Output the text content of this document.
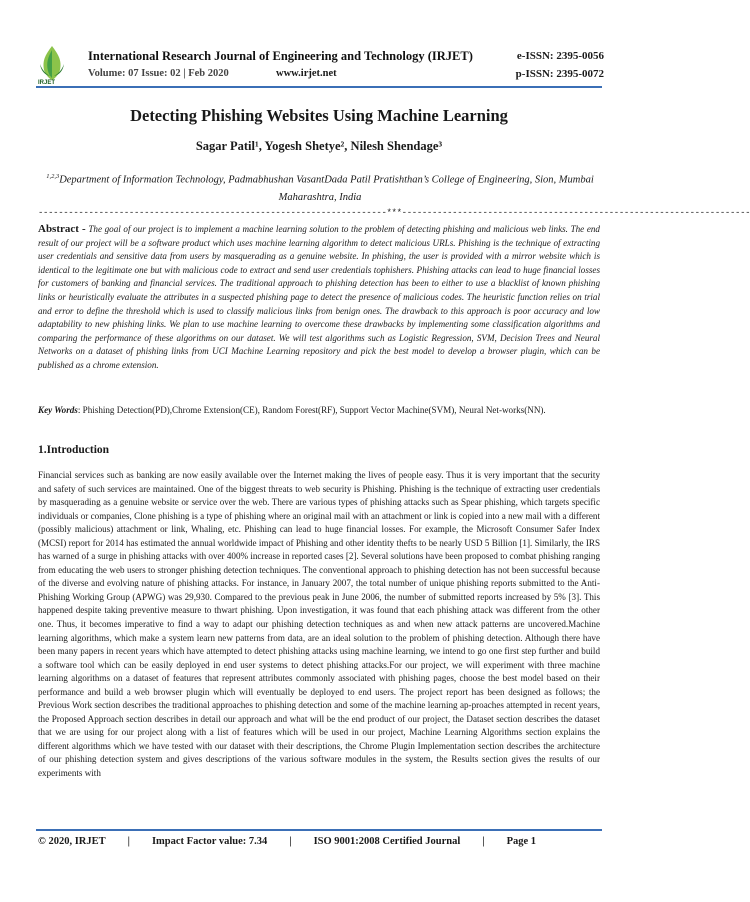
IRJET
International Research Journal of Engineering and Technology (IRJET)	e-ISSN: 2395-0056
Volume: 07 Issue: 02 | Feb 2020	www.irjet.net	p-ISSN: 2395-0072
Detecting Phishing Websites Using Machine Learning
Sagar Patil¹, Yogesh Shetye², Nilesh Shendage³
$^{1,2,3}$Department of Information Technology, Padmabhushan VasantDada Patil Pratishthan’s College of Engineering, Sion, Mumbai Maharashtra, India
---------------------------------------------------------------------***---------------------------------------------------------------------
Abstract - The goal of our project is to implement a machine learning solution to the problem of detecting phishing and malicious web links. The end result of our project will be a software product which uses machine learning algorithm to detect malicious URLs. Phishing is the technique of extracting user credentials and sensitive data from users by masquerading as a genuine website. In phishing, the user is provided with a mirror website which is identical to the legitimate one but with malicious code to extract and send user credentials tophishers. Phishing attacks can lead to huge financial losses for customers of banking and financial services. The traditional approach to phishing detection has been to either to use a blacklist of known phishing links or heuristically evaluate the attributes in a suspected phishing page to detect the presence of malicious codes. The heuristic function relies on trial and error to define the threshold which is used to classify malicious links from benign ones. The drawback to this approach is poor accuracy and low adaptability to new phishing links. We plan to use machine learning to overcome these drawbacks by implementing some classification algorithms and comparing the performance of these algorithms on our dataset. We will test algorithms such as Logistic Regression, SVM, Decision Trees and Neural Networks on a dataset of phishing links from UCI Machine Learning repository and pick the best model to develop a browser plugin, which can be published as a chrome extension.
Key Words: Phishing Detection(PD),Chrome Extension(CE), Random Forest(RF), Support Vector Machine(SVM), Neural Net-works(NN).
1.Introduction
Financial services such as banking are now easily available over the Internet making the lives of people easy. Thus it is very important that the security and safety of such services are maintained. One of the biggest threats to web security is Phishing. Phishing is the technique of extracting user credentials by masquerading as a genuine website or service over the web. There are various types of phishing attacks such as Spear phishing, which targets specific individuals or companies, Clone phishing is a type of phishing where an original mail with an attachment or link is copied into a new mail with a different (possibly malicious) attachment or link, Whaling, etc. Phishing can lead to huge financial losses. For example, the Microsoft Consumer Safer Index (MCSI) report for 2014 has estimated the annual worldwide impact of Phishing and other identity thefts to be nearly USD 5 Billion [1]. Similarly, the IRS has warned of a surge in phishing attacks with over 400% increase in reported cases [2]. Several solutions have been proposed to combat phishing ranging from educating the web users to stronger phishing detection techniques. The conventional approach to phishing detection has not been successful because of the diverse and evolving nature of phishing attacks. For instance, in January 2007, the total number of unique phishing reports submitted to the Anti-Phishing Working Group (APWG) was 29,930. Compared to the previous peak in June 2006, the number of submitted reports increased by 5% [3]. This happened despite taking preventive measure to thwart phishing. Upon investigation, it was found that each phishing attack was different from the other one. Thus, it becomes imperative to find a way to adapt our phishing detection techniques as and when new attack patterns are uncovered.Machine learning algorithms, which make a system learn new patterns from data, are an ideal solution to the problem of phishing detection. Although there have been many papers in recent years which have attempted to detect phishing attacks using machine learning, we intend to go one first step further and build a software tool which can be easily deployed in end user systems to detect phishing attacks.For our project, we will experiment with three machine learning algorithms on a dataset of features that represent attributes commonly associated with phishing pages, choose the best model based on their performance and build a web browser plugin which will eventually be deployed to end users. The project report has been designed as follows; the Previous Work section describes the traditional approaches to phishing detection and some of the machine learning ap-proaches attempted in recent years, the Proposed Approach section describes in detail our approach and what will be the end product of our project, the Dataset section describes the dataset that we are using for our project along with a list of features which will be used in our project, Machine Learning Algorithms section explains the different algorithms which we have tested with our dataset with their descriptions, the Chrome Plugin Implementation section describes the architecture of our phishing detection system and gives descriptions of the various software modules in the system, the Results section gives the results of our experiments with
© 2020, IRJET | Impact Factor value: 7.34 | ISO 9001:2008 Certified Journal | Page 1
